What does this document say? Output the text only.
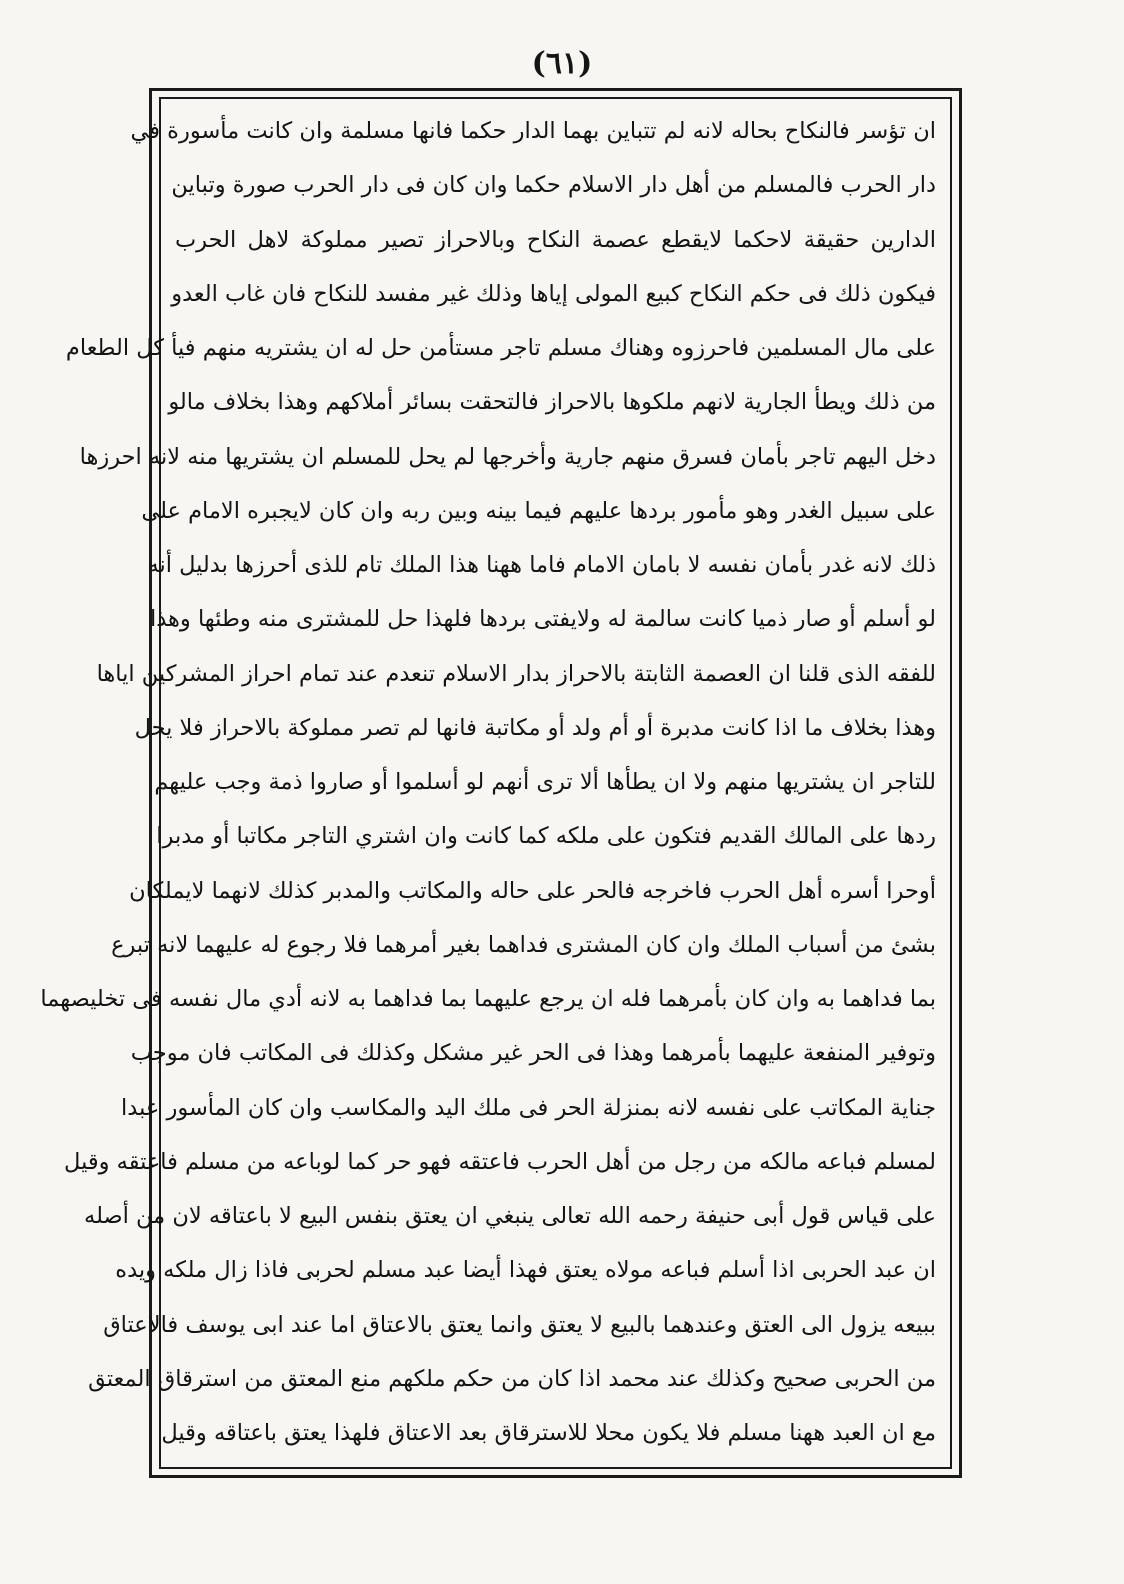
(٦١)
ان تؤسر فالنكاح بحاله لانه لم تتباين بهما الدار حكما فانها مسلمة وان كانت مأسورة في
دار الحرب فالمسلم من أهل دار الاسلام حكما وان كان فى دار الحرب صورة وتباين
الدارين حقيقة لاحكما لايقطع عصمة النكاح وبالاحراز تصير مملوكة لاهل الحرب
فيكون ذلك فى حكم النكاح كبيع المولى إياها وذلك غير مفسد للنكاح فان غاب العدو
على مال المسلمين فاحرزوه وهناك مسلم تاجر مستأمن حل له ان يشتريه منهم فيأ كل الطعام
من ذلك ويطأ الجارية لانهم ملكوها بالاحراز فالتحقت بسائر أملاكهم وهذا بخلاف مالو
دخل اليهم تاجر بأمان فسرق منهم جارية وأخرجها لم يحل للمسلم ان يشتريها منه لانه احرزها
على سبيل الغدر وهو مأمور بردها عليهم فيما بينه وبين ربه وان كان لايجبره الامام على
ذلك لانه غدر بأمان نفسه لا بامان الامام فاما ههنا هذا الملك تام للذى أحرزها بدليل أنه
لو أسلم أو صار ذميا كانت سالمة له ولايفتى بردها فلهذا حل للمشترى منه وطئها وهذا
للفقه الذى قلنا ان العصمة الثابتة بالاحراز بدار الاسلام تنعدم عند تمام احراز المشركين اياها
وهذا بخلاف ما اذا كانت مدبرة أو أم ولد أو مكاتبة فانها لم تصر مملوكة بالاحراز فلا يحل
للتاجر ان يشتريها منهم ولا ان يطأها ألا ترى أنهم لو أسلموا أو صاروا ذمة وجب عليهم
ردها على المالك القديم فتكون على ملكه كما كانت وان اشتري التاجر مكاتبا أو مدبرا
أوحرا أسره أهل الحرب فاخرجه فالحر على حاله والمكاتب والمدبر كذلك لانهما لايملكان
بشئ من أسباب الملك وان كان المشترى فداهما بغير أمرهما فلا رجوع له عليهما لانه تبرع
بما فداهما به وان كان بأمرهما فله ان يرجع عليهما بما فداهما به لانه أدي مال نفسه فى تخليصهما
وتوفير المنفعة عليهما بأمرهما وهذا فى الحر غير مشكل وكذلك فى المكاتب فان موجب
جناية المكاتب على نفسه لانه بمنزلة الحر فى ملك اليد والمكاسب وان كان المأسور عبدا
لمسلم فباعه مالكه من رجل من أهل الحرب فاعتقه فهو حر كما لوباعه من مسلم فاعتقه وقيل
على قياس قول أبى حنيفة رحمه الله تعالى ينبغي ان يعتق بنفس البيع لا باعتاقه لان من أصله
ان عبد الحربى اذا أسلم فباعه مولاه يعتق فهذا أيضا عبد مسلم لحربى فاذا زال ملكه ويده
ببيعه يزول الى العتق وعندهما بالبيع لا يعتق وانما يعتق بالاعتاق اما عند ابى يوسف فالاعتاق
من الحربى صحيح وكذلك عند محمد اذا كان من حكم ملكهم منع المعتق من استرقاق المعتق
مع ان العبد ههنا مسلم فلا يكون محلا للاسترقاق بعد الاعتاق فلهذا يعتق باعتاقه وقيل
